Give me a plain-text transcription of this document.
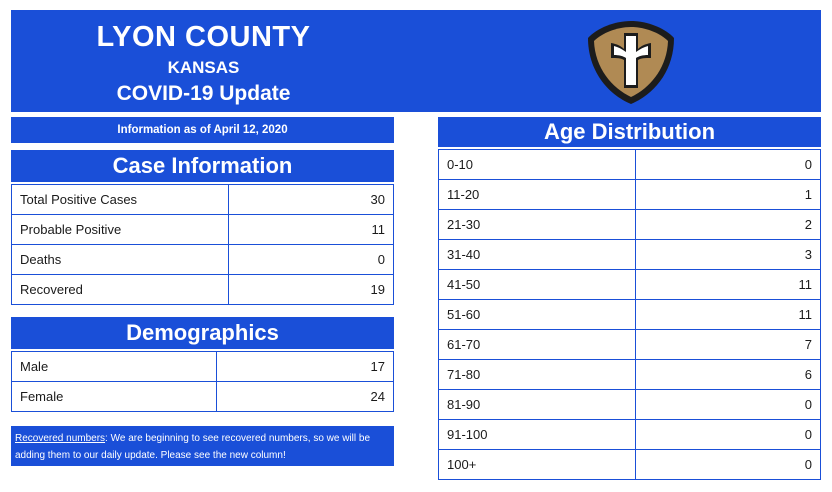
LYON COUNTY
KANSAS
COVID-19 Update
Information as of April 12, 2020
Case Information
Total Positive Cases	30
Probable Positive	11
Deaths	0
Recovered	19
Demographics
Male	17
Female	24
Recovered numbers: We are beginning to see recovered numbers, so we will be adding them to our daily update. Please see the new column!
Age Distribution
0-10	0
11-20	1
21-30	2
31-40	3
41-50	11
51-60	11
61-70	7
71-80	6
81-90	0
91-100	0
100+	0
